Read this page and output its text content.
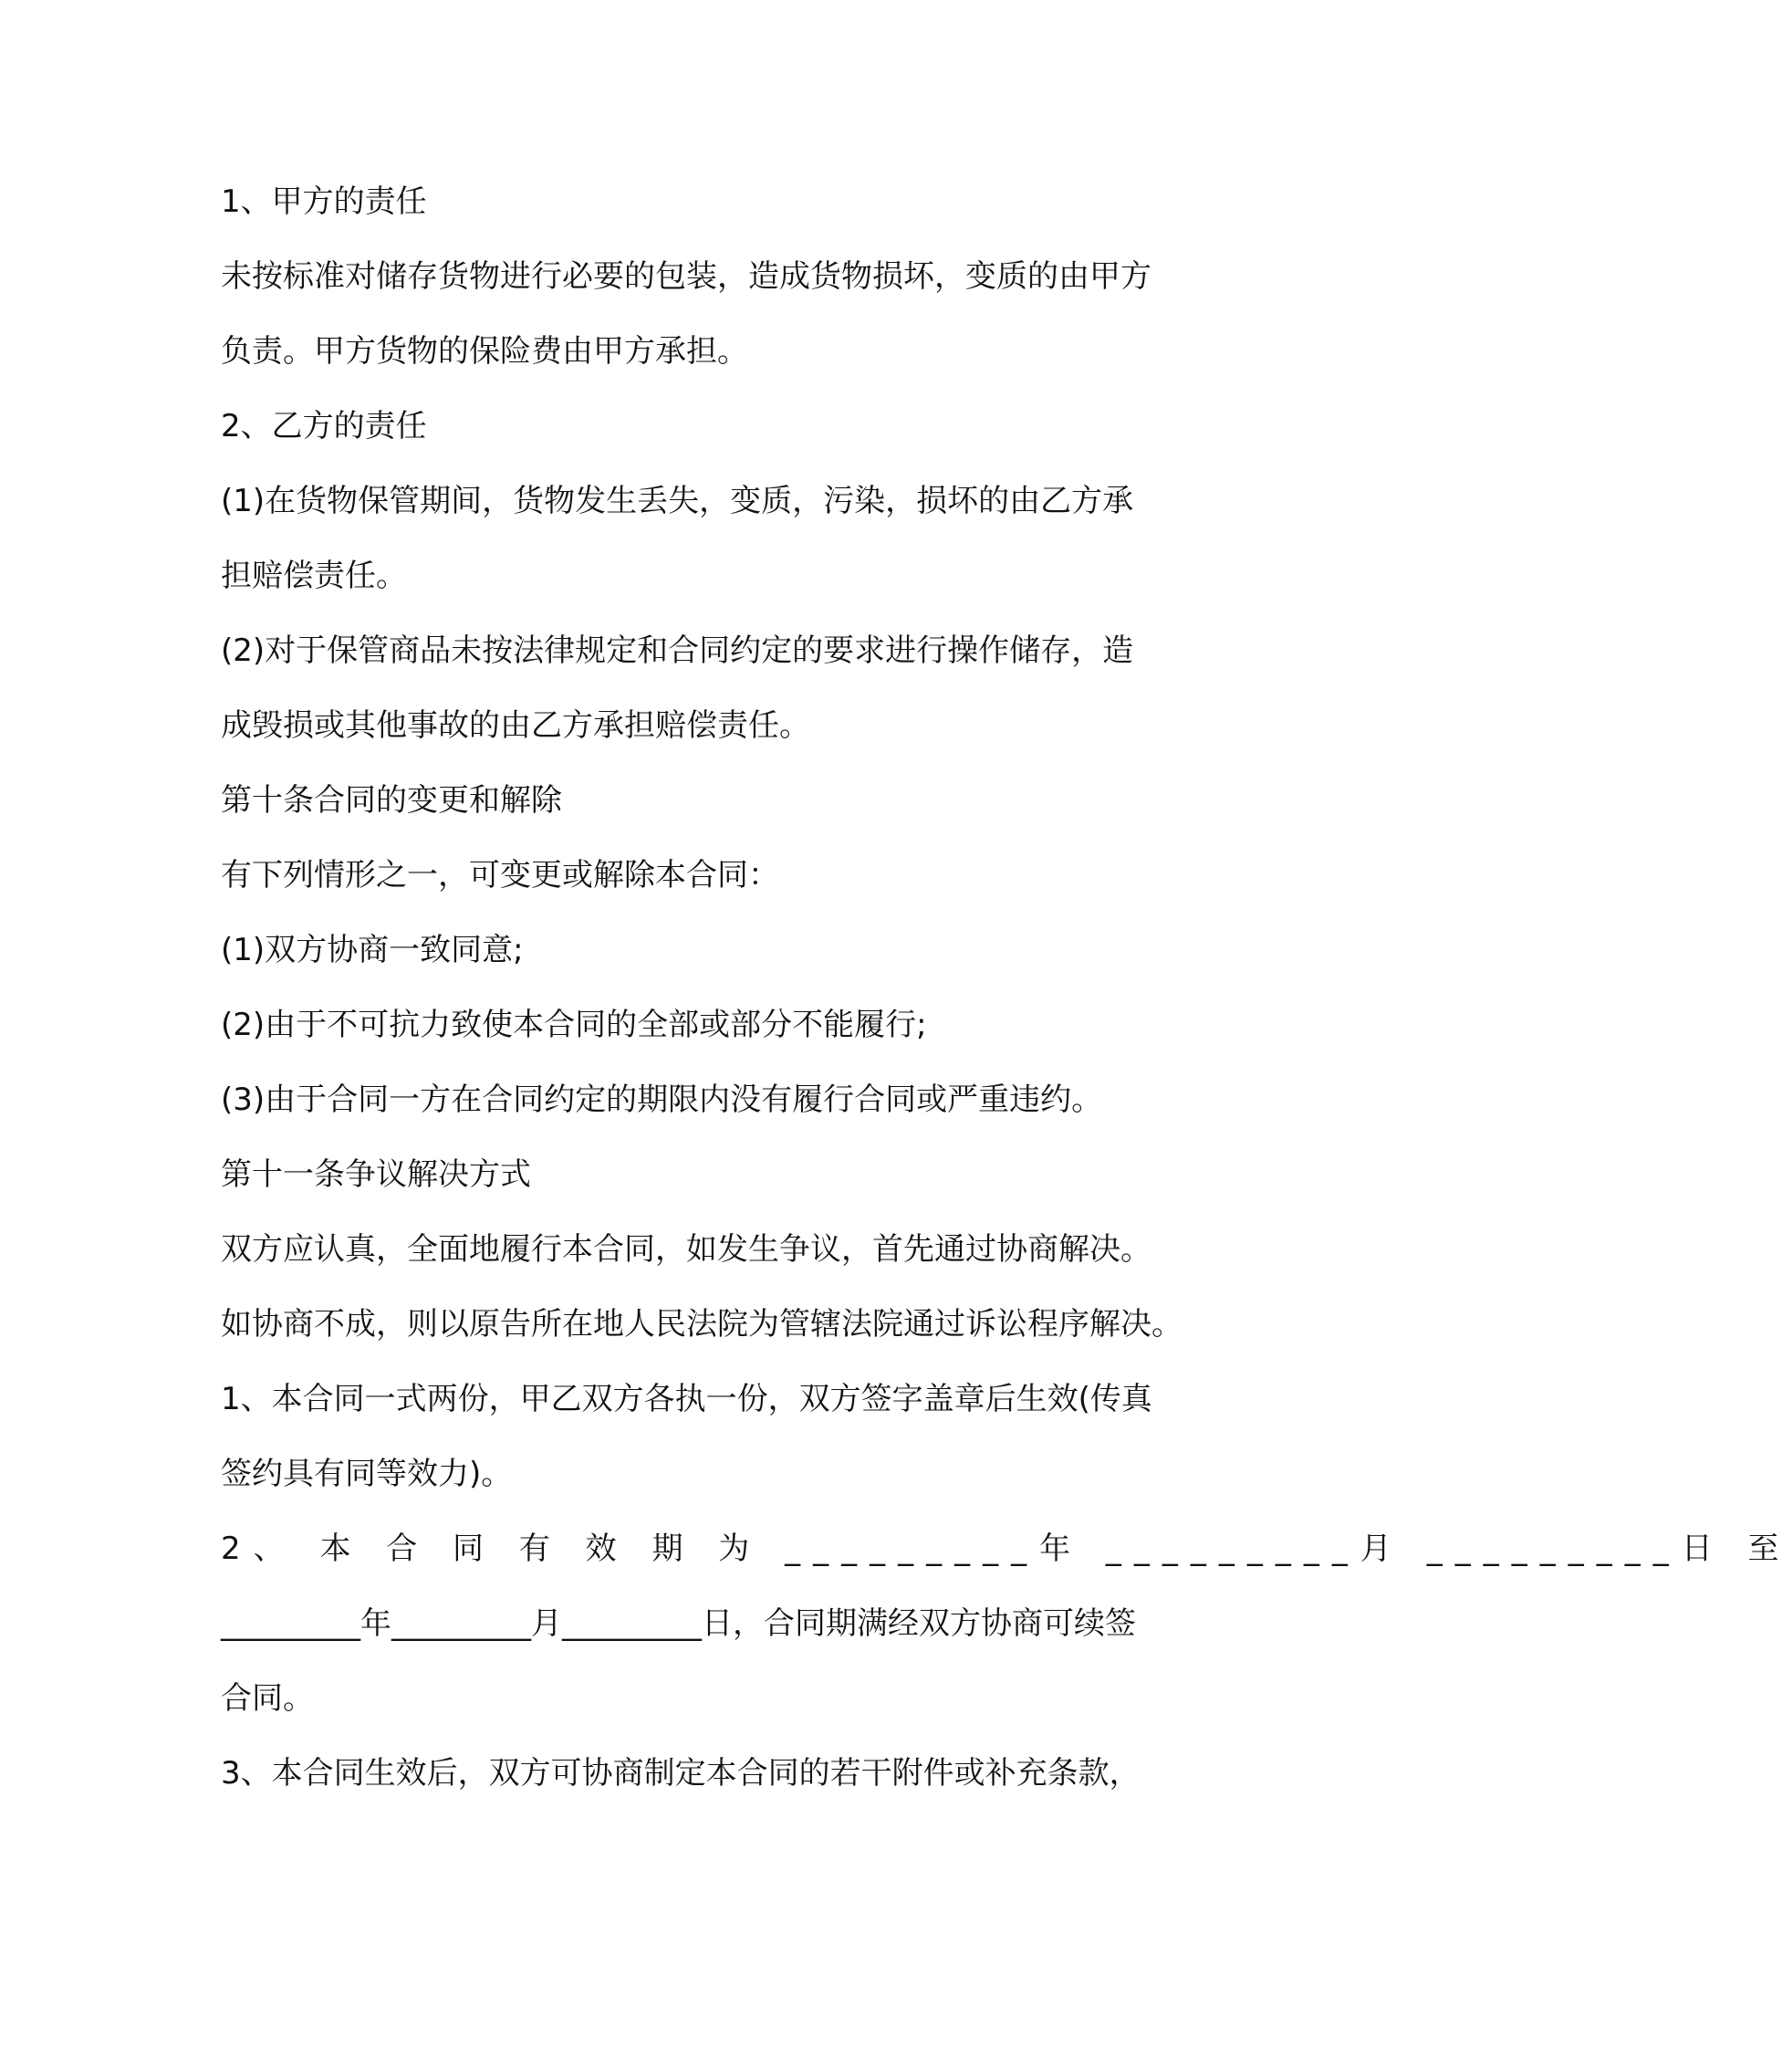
1、甲方的责任
未按标准对储存货物进行必要的包装，造成货物损坏，变质的由甲方
负责。甲方货物的保险费由甲方承担。
2、乙方的责任
(1)在货物保管期间，货物发生丢失，变质，污染，损坏的由乙方承
担赔偿责任。
(2)对于保管商品未按法律规定和合同约定的要求进行操作储存，造
成毁损或其他事故的由乙方承担赔偿责任。
第十条合同的变更和解除
有下列情形之一，可变更或解除本合同：
(1)双方协商一致同意;
(2)由于不可抗力致使本合同的全部或部分不能履行;
(3)由于合同一方在合同约定的期限内没有履行合同或严重违约。
第十一条争议解决方式
双方应认真，全面地履行本合同，如发生争议，首先通过协商解决。
如协商不成，则以原告所在地人民法院为管辖法院通过诉讼程序解决。
1、本合同一式两份，甲乙双方各执一份，双方签字盖章后生效(传真
签约具有同等效力)。
2、 本 合 同 有 效 期 为 _________年 _________月 _________日 至
_________年_________月_________日，合同期满经双方协商可续签
合同。
3、本合同生效后，双方可协商制定本合同的若干附件或补充条款，
